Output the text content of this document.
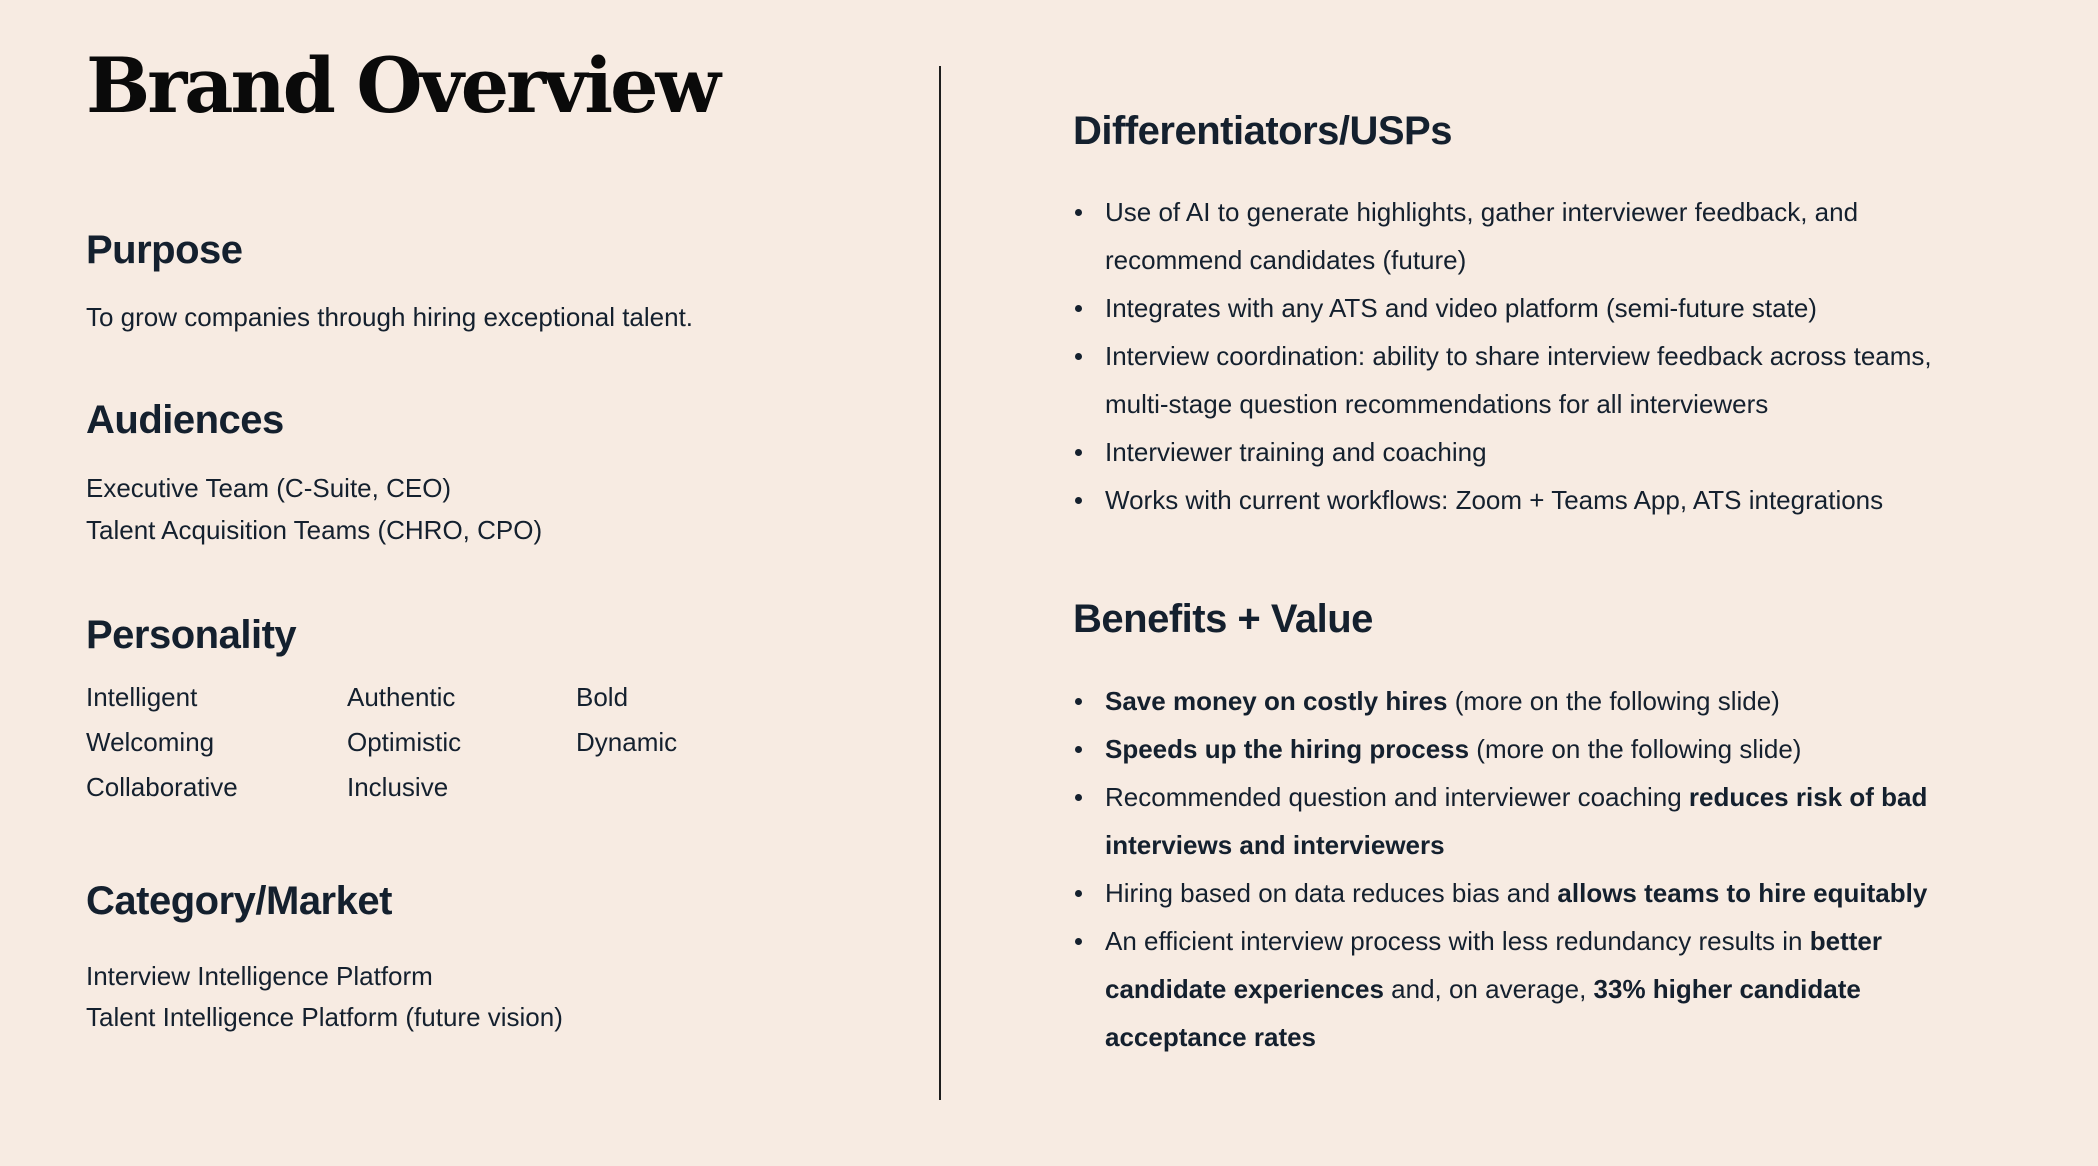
Brand Overview
Purpose

To grow companies through hiring exceptional talent.

Audiences

Executive Team (C-Suite, CEO)

Talent Acquisition Teams (CHRO, CPO)

Personality
Intelligent
Welcoming
Collaborative
Authentic
Optimistic
Inclusive
Bold
Dynamic
Category/Market

Interview Intelligence Platform

Talent Intelligence Platform (future vision)

Differentiators/USPs
Use of AI to generate highlights, gather interviewer feedback, and recommend candidates (future)
Integrates with any ATS and video platform (semi-future state)
Interview coordination: ability to share interview feedback across teams, multi-stage question recommendations for all interviewers
Interviewer training and coaching
Works with current workflows: Zoom + Teams App, ATS integrations
Benefits + Value
Save money on costly hires (more on the following slide)
Speeds up the hiring process (more on the following slide)
Recommended question and interviewer coaching reduces risk of bad interviews and interviewers
Hiring based on data reduces bias and allows teams to hire equitably
An efficient interview process with less redundancy results in better candidate experiences and, on average, 33% higher candidate acceptance rates
